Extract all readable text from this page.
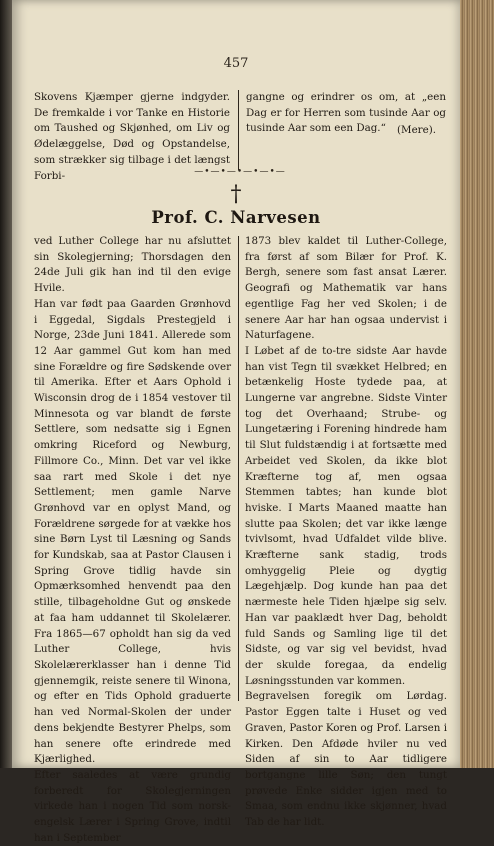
457
Skovens Kjæmper gjerne indgyder. De fremkalde i vor Tanke en Historie om Taushed og Skjønhed, om Liv og Ødelæggelse, Død og Opstandelse, som strækker sig tilbage i det længst Forbi-
gangne og erindrer os om, at „een Dag er for Herren som tusinde Aar og tusinde Aar som een Dag.“	(Mere).
—•—•—•—•—•—
†
Prof. C. Narvesen
ved Luther College har nu afsluttet sin Skolegjerning; Thorsdagen den 24de Juli gik han ind til den evige Hvile.
Han var født paa Gaarden Grønhovd i Eggedal, Sigdals Prestegjeld i Norge, 23de Juni 1841. Allerede som 12 Aar gammel Gut kom han med sine Forældre og fire Sødskende over til Amerika. Efter et Aars Ophold i Wisconsin drog de i 1854 vestover til Minnesota og var blandt de første Settlere, som nedsatte sig i Egnen omkring Riceford og Newburg, Fillmore Co., Minn. Det var vel ikke saa rart med Skole i det nye Settlement; men gamle Narve Grønhovd var en oplyst Mand, og Forældrene sørgede for at vække hos sine Børn Lyst til Læsning og Sands for Kundskab, saa at Pastor Clausen i Spring Grove tidlig havde sin Opmærksomhed henvendt paa den stille, tilbageholdne Gut og ønskede at faa ham uddannet til Skolelærer. Fra 1865—67 opholdt han sig da ved Luther College, hvis Skolelærerklasser han i denne Tid gjennemgik, reiste senere til Winona, og efter en Tids Ophold graduerte han ved Normal-Skolen der under dens bekjendte Bestyrer Phelps, som han senere ofte erindrede med Kjærlighed.
Efter saaledes at være grundig forberedt for Skolegjerningen virkede han i nogen Tid som norsk-engelsk Lærer i Spring Grove, indtil han i September
1873 blev kaldet til Luther-College, fra først af som Bilær for Prof. K. Bergh, senere som fast ansat Lærer. Geografi og Mathematik var hans egentlige Fag her ved Skolen; i de senere Aar har han ogsaa undervist i Naturfagene.
I Løbet af de to-tre sidste Aar havde han vist Tegn til svækket Helbred; en betænkelig Hoste tydede paa, at Lungerne var angrebne. Sidste Vinter tog det Overhaand; Strube- og Lungetæring i Forening hindrede ham til Slut fuldstændig i at fortsætte med Arbeidet ved Skolen, da ikke blot Kræfterne tog af, men ogsaa Stemmen tabtes; han kunde blot hviske. I Marts Maaned maatte han slutte paa Skolen; det var ikke længe tvivlsomt, hvad Udfaldet vilde blive. Kræfterne sank stadig, trods omhyggelig Pleie og dygtig Lægehjælp. Dog kunde han paa det nærmeste hele Tiden hjælpe sig selv. Han var paaklædt hver Dag, beholdt fuld Sands og Samling lige til det Sidste, og var sig vel bevidst, hvad der skulde foregaa, da endelig Løsningsstunden var kommen.
Begravelsen foregik om Lørdag. Pastor Eggen talte i Huset og ved Graven, Pastor Koren og Prof. Larsen i Kirken. Den Afdøde hviler nu ved Siden af sin to Aar tidligere bortgangne lille Søn; den tungt prøvede Enke sidder igjen med to Smaa, som endnu ikke skjønner, hvad Tab de har lidt.
